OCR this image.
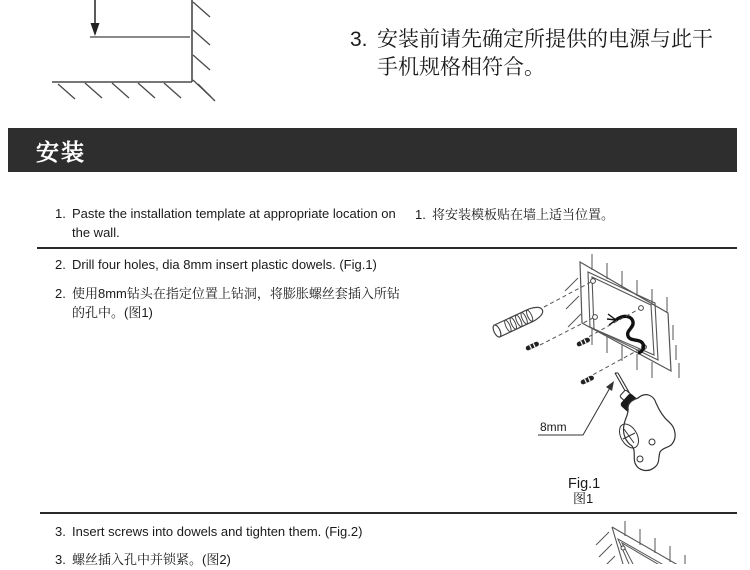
3. 安装前请先确定所提供的电源与此干
手机规格相符合。
安装
1. Paste the installation template at appropriate location on
the wall.
1. 将安装模板贴在墙上适当位置。
2. Drill four holes, dia 8mm insert plastic dowels. (Fig.1)
2. 使用8mm钻头在指定位置上钻洞，将膨胀螺丝套插入所钻
的孔中。(图1)
8mm
Fig.1
图1
3. Insert screws into dowels and tighten them. (Fig.2)
3. 螺丝插入孔中并锁紧。(图2)
